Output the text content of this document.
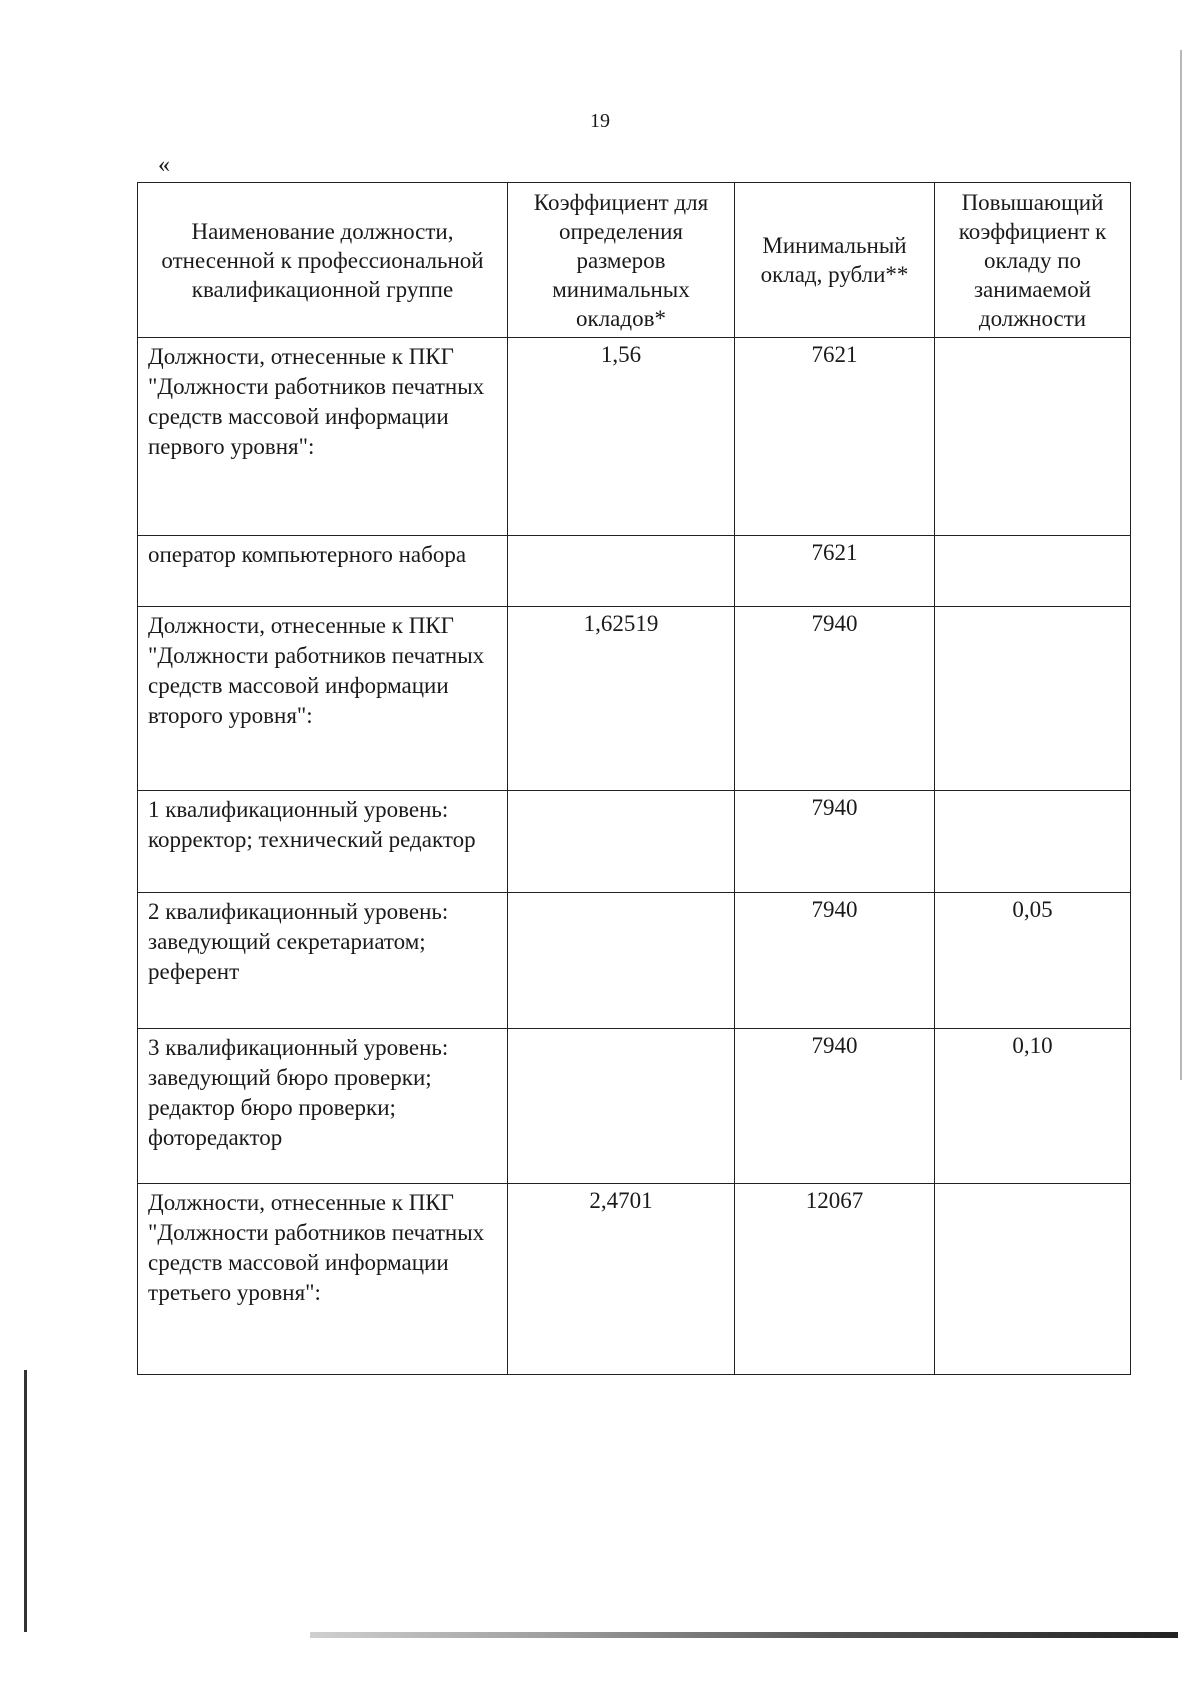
19
«
Наименование должности, отнесенной к профессиональной квалификационной группе	Коэффициент для определения размеров минимальных окладов*	Минимальный оклад, рубли**	Повышающий коэффициент к окладу по занимаемой должности
Должности, отнесенные к ПКГ "Должности работников печатных средств массовой информации первого уровня":	1,56	7621	
оператор компьютерного набора		7621	
Должности, отнесенные к ПКГ "Должности работников печатных средств массовой информации второго уровня":	1,62519	7940	
1 квалификационный уровень: корректор; технический редактор		7940	
2 квалификационный уровень: заведующий секретариатом; референт		7940	0,05
3 квалификационный уровень: заведующий бюро проверки; редактор бюро проверки; фоторедактор		7940	0,10
Должности, отнесенные к ПКГ "Должности работников печатных средств массовой информации третьего уровня":	2,4701	12067	
